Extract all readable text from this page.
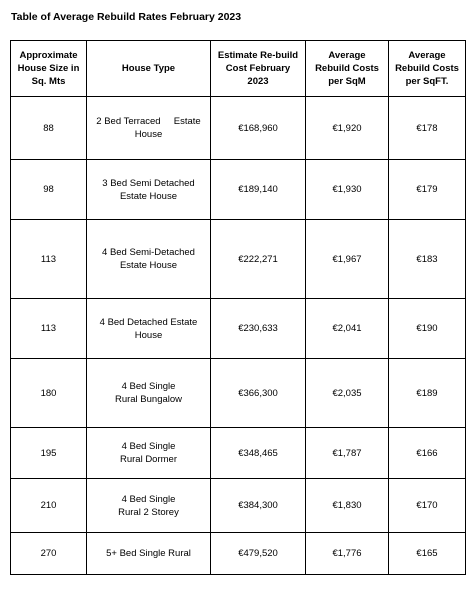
Table of Average Rebuild Rates February 2023
Approximate
House Size in
Sq. Mts	House Type	Estimate Re-build
Cost February
2023	Average
Rebuild Costs
per SqM	Average
Rebuild Costs
per SqFT.

88	2 Bed Terraced     Estate
House	€168,960	€1,920	€178
98	3 Bed Semi Detached
Estate House	€189,140	€1,930	€179
113	4 Bed Semi-Detached
Estate House	€222,271	€1,967	€183
113	4 Bed Detached Estate
House	€230,633	€2,041	€190
180	4 Bed Single
Rural Bungalow	€366,300	€2,035	€189
195	4 Bed Single
Rural Dormer	€348,465	€1,787	€166
210	4 Bed Single
Rural 2 Storey	€384,300	€1,830	€170
270	5+ Bed Single Rural	€479,520	€1,776	€165
